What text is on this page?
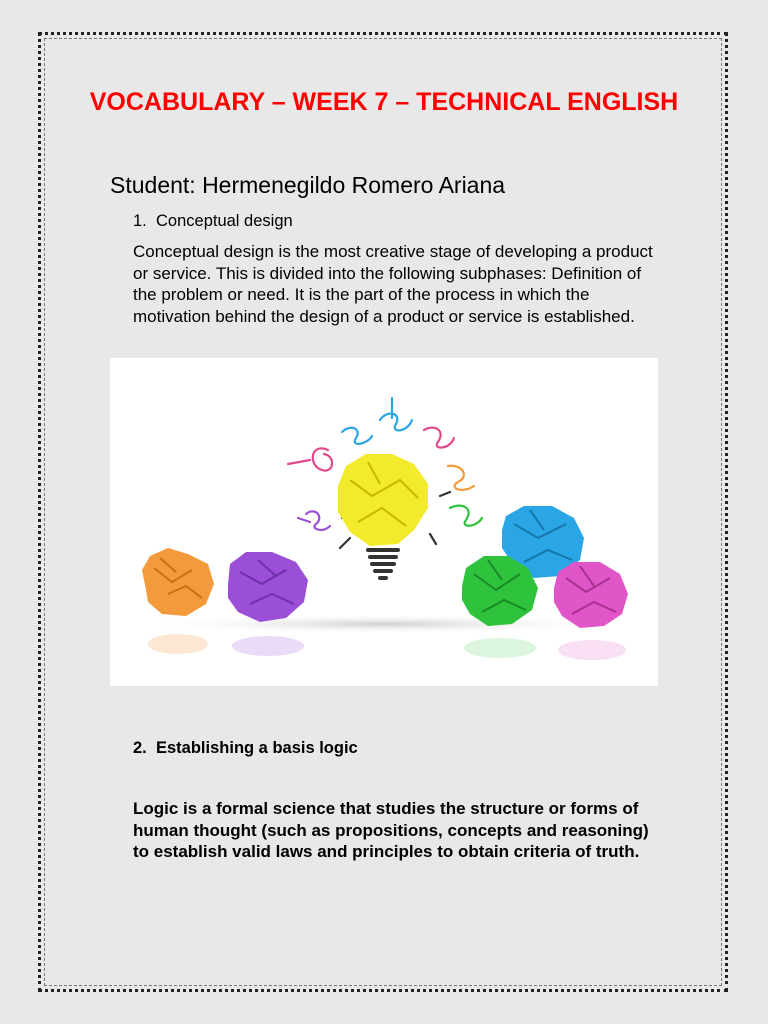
VOCABULARY – WEEK 7 – TECHNICAL ENGLISH

Student: Hermenegildo Romero Ariana

1. Conceptual design

Conceptual design is the most creative stage of developing a product or service. This is divided into the following subphases: Definition of the problem or need. It is the part of the process in which the motivation behind the design of a product or service is established.

2. Establishing a basis logic

Logic is a formal science that studies the structure or forms of human thought (such as propositions, concepts and reasoning) to establish valid laws and principles to obtain criteria of truth.
